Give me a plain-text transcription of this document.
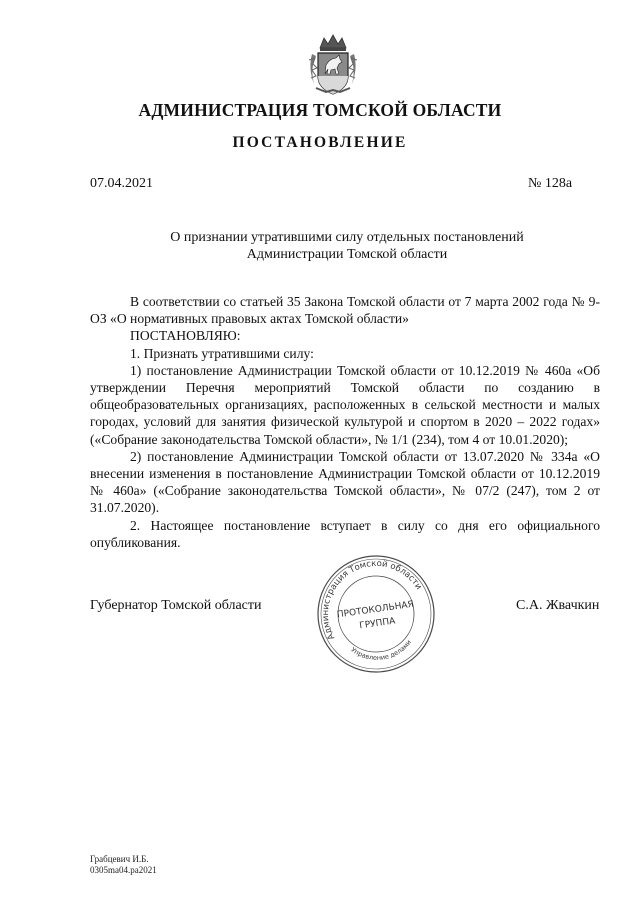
АДМИНИСТРАЦИЯ ТОМСКОЙ ОБЛАСТИ
ПОСТАНОВЛЕНИЕ
07.04.2021	№ 128а
О признании утратившими силу отдельных постановлений
Администрации Томской области

В соответствии со статьей 35 Закона Томской области от 7 марта 2002 года № 9-ОЗ «О нормативных правовых актах Томской области»

ПОСТАНОВЛЯЮ:

1. Признать утратившими силу:

1) постановление Администрации Томской области от 10.12.2019 № 460а «Об утверждении Перечня мероприятий Томской области по созданию в общеобразовательных организациях, расположенных в сельской местности и малых городах, условий для занятия физической культурой и спортом в 2020 – 2022 годах» («Собрание законодательства Томской области», № 1/1 (234), том 4 от 10.01.2020);

2) постановление Администрации Томской области от 13.07.2020 № 334а «О внесении изменения в постановление Администрации Томской области от 10.12.2019 № 460а» («Собрание законодательства Томской области», № 07/2 (247), том 2 от 31.07.2020).

2. Настоящее постановление вступает в силу со дня его официального опубликования.

Губернатор Томской области	С.А. Жвачкин
Администрация Томской области
Управление делами
ПРОТОКОЛЬНАЯ
ГРУППА
Грабцевич И.Б.
0305ma04.pa2021
